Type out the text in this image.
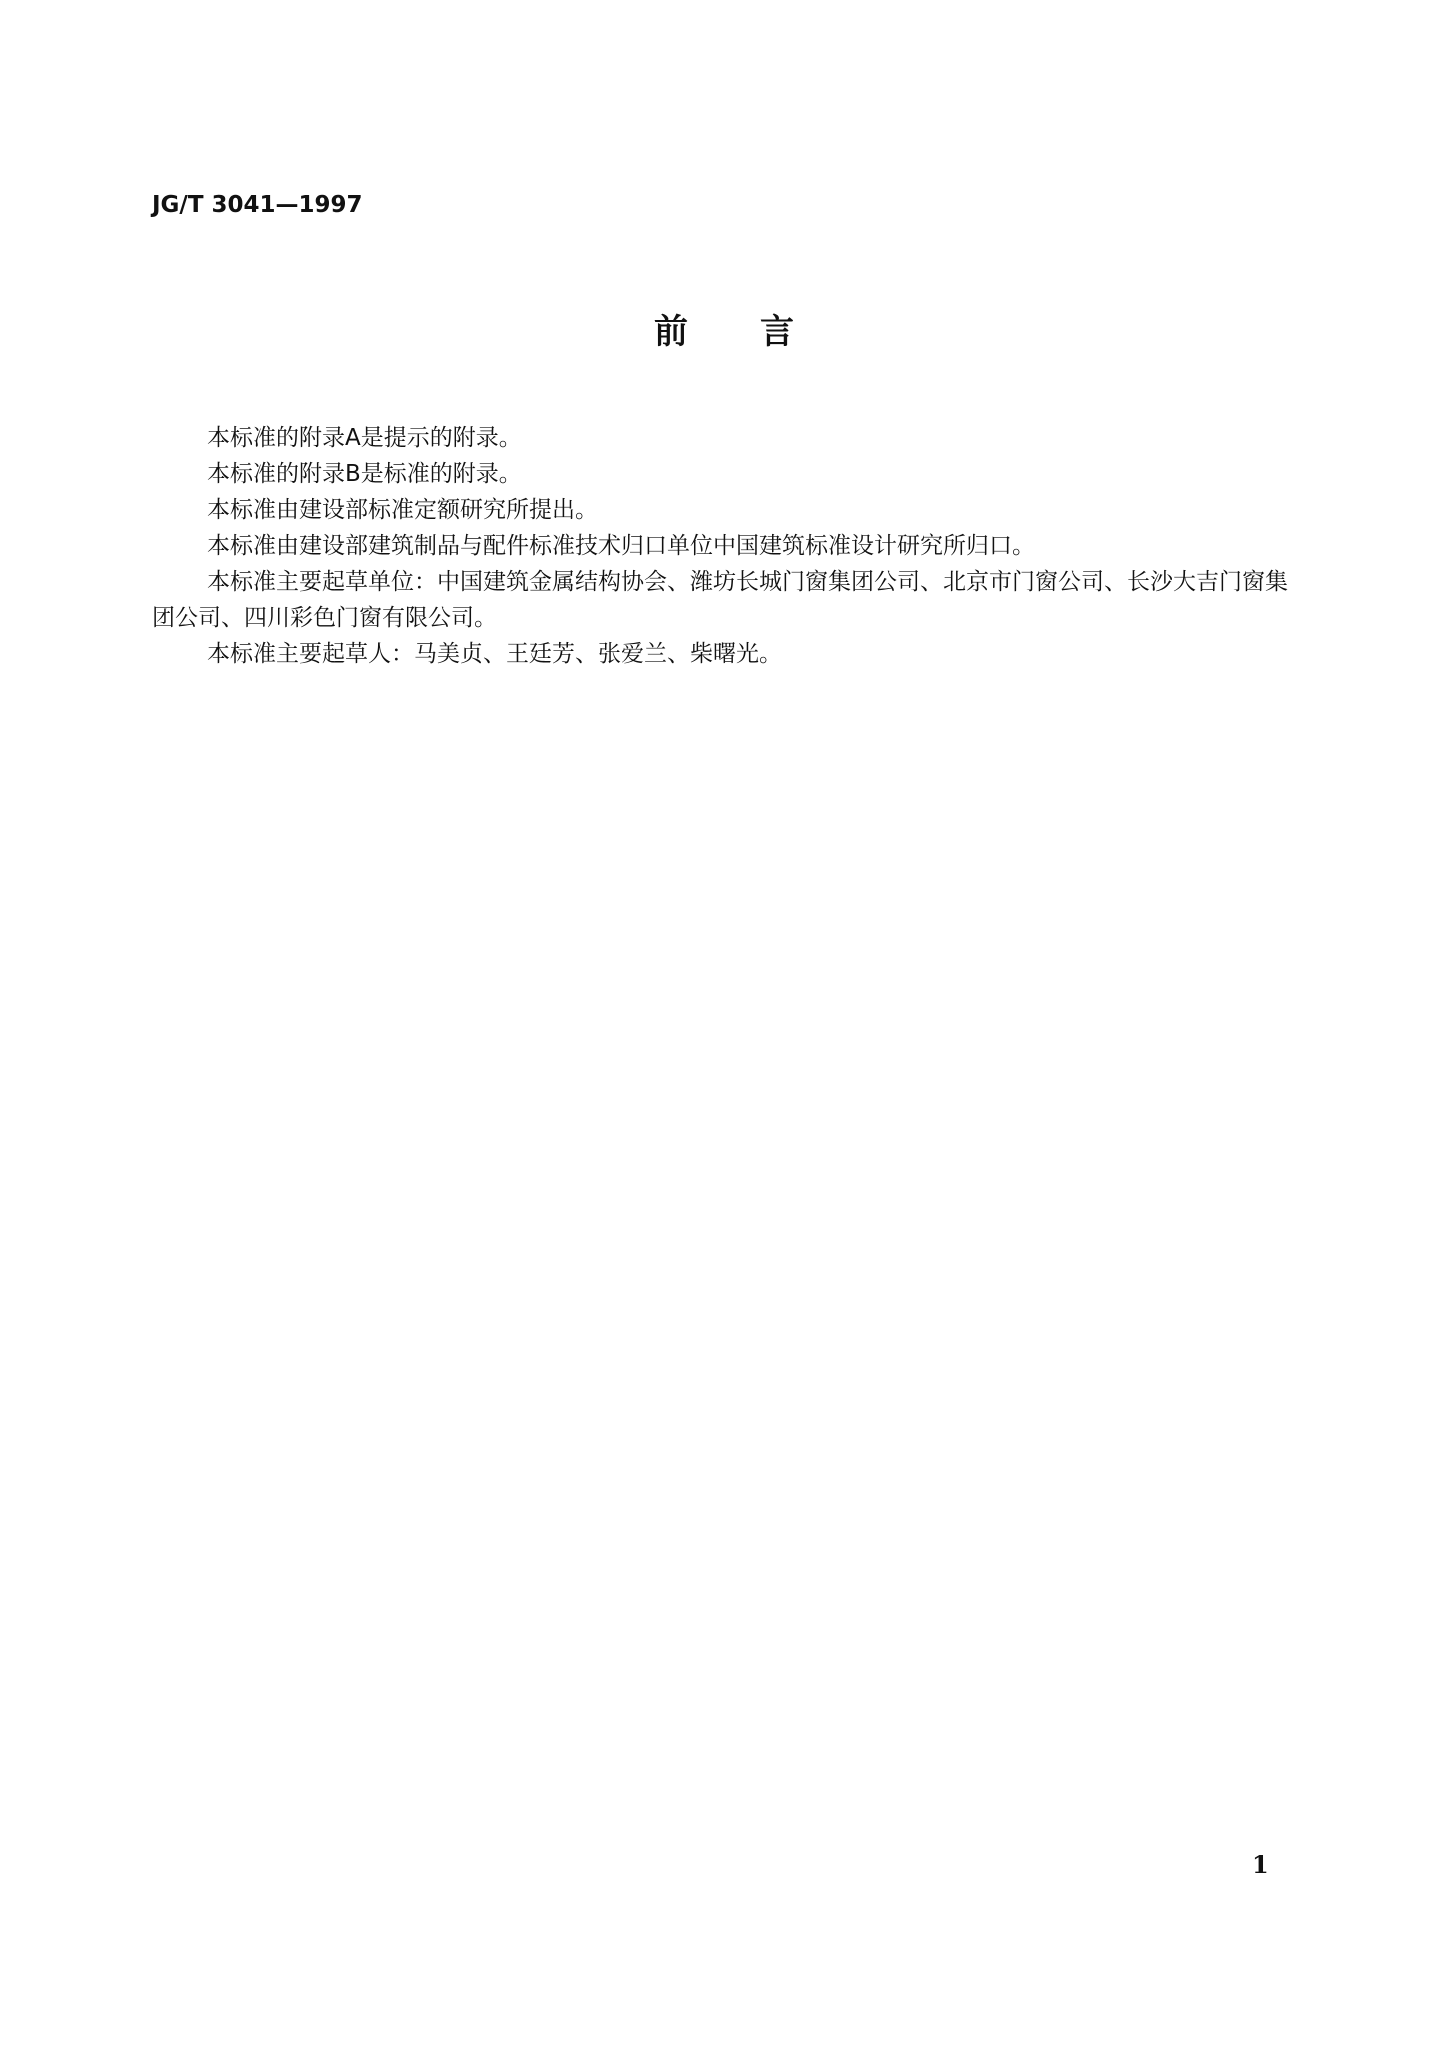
JG/T 3041—1997
前言

本标准的附录A是提示的附录。

本标准的附录B是标准的附录。

本标准由建设部标准定额研究所提出。

本标准由建设部建筑制品与配件标准技术归口单位中国建筑标准设计研究所归口。

本标准主要起草单位：中国建筑金属结构协会、潍坊长城门窗集团公司、北京市门窗公司、长沙大吉门窗集团公司、四川彩色门窗有限公司。

本标准主要起草人：马美贞、王廷芳、张爱兰、柴曙光。

1
